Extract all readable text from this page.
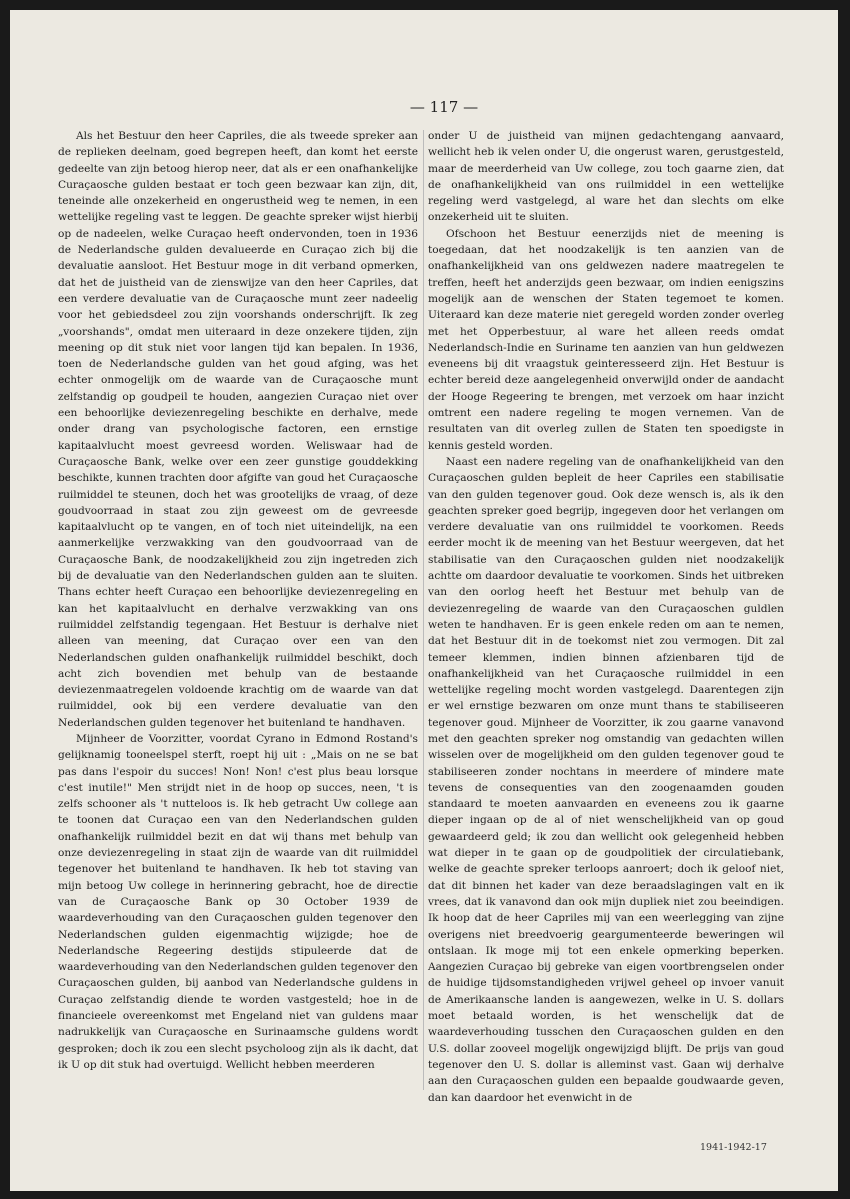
— 117 —

Als het Bestuur den heer Capriles, die als tweede spreker aan de replieken deelnam, goed begrepen heeft, dan komt het eerste gedeelte van zijn betoog hierop neer, dat als er een onafhankelijke Curaçaosche gulden bestaat er toch geen bezwaar kan zijn, dit, teneinde alle onzekerheid en ongerustheid weg te nemen, in een wettelijke regeling vast te leggen. De geachte spreker wijst hierbij op de nadeelen, welke Curaçao heeft ondervonden, toen in 1936 de Nederlandsche gulden devalueerde en Curaçao zich bij die devaluatie aansloot. Het Bestuur moge in dit verband opmerken, dat het de juistheid van de zienswijze van den heer Capriles, dat een verdere devaluatie van de Curaçaosche munt zeer nadeelig voor het gebiedsdeel zou zijn voorshands onderschrijft. Ik zeg „voorshands", omdat men uiteraard in deze onzekere tijden, zijn meening op dit stuk niet voor langen tijd kan bepalen. In 1936, toen de Nederlandsche gulden van het goud afging, was het echter onmogelijk om de waarde van de Curaçaosche munt zelfstandig op goudpeil te houden, aangezien Curaçao niet over een behoorlijke deviezenregeling beschikte en derhalve, mede onder drang van psychologische factoren, een ernstige kapitaalvlucht moest gevreesd worden. Weliswaar had de Curaçaosche Bank, welke over een zeer gunstige gouddekking beschikte, kunnen trachten door afgifte van goud het Curaçaosche ruilmiddel te steunen, doch het was grootelijks de vraag, of deze goudvoorraad in staat zou zijn geweest om de gevreesde kapitaalvlucht op te vangen, en of toch niet uiteindelijk, na een aanmerkelijke verzwakking van den goudvoorraad van de Curaçaosche Bank, de noodzakelijkheid zou zijn ingetreden zich bij de devaluatie van den Nederlandschen gulden aan te sluiten. Thans echter heeft Curaçao een behoorlijke deviezenregeling en kan het kapitaalvlucht en derhalve verzwakking van ons ruilmiddel zelfstandig tegengaan. Het Bestuur is derhalve niet alleen van meening, dat Curaçao over een van den Nederlandschen gulden onafhankelijk ruilmiddel beschikt, doch acht zich bovendien met behulp van de bestaande deviezenmaatregelen voldoende krachtig om de waarde van dat ruilmiddel, ook bij een verdere devaluatie van den Nederlandschen gulden tegenover het buitenland te handhaven.

Mijnheer de Voorzitter, voordat Cyrano in Edmond Rostand's gelijknamig tooneelspel sterft, roept hij uit : „Mais on ne se bat pas dans l'espoir du succes! Non! Non! c'est plus beau lorsque c'est inutile!" Men strijdt niet in de hoop op succes, neen, 't is zelfs schooner als 't nutteloos is. Ik heb getracht Uw college aan te toonen dat Curaçao een van den Nederlandschen gulden onafhankelijk ruilmiddel bezit en dat wij thans met behulp van onze deviezenregeling in staat zijn de waarde van dit ruilmiddel tegenover het buitenland te handhaven. Ik heb tot staving van mijn betoog Uw college in herinnering gebracht, hoe de directie van de Curaçaosche Bank op 30 October 1939 de waardeverhouding van den Curaçaoschen gulden tegenover den Nederlandschen gulden eigenmachtig wijzigde; hoe de Nederlandsche Regeering destijds stipuleerde dat de waardeverhouding van den Nederlandschen gulden tegenover den Curaçaoschen gulden, bij aanbod van Nederlandsche guldens in Curaçao zelfstandig diende te worden vastgesteld; hoe in de financieele overeenkomst met Engeland niet van guldens maar nadrukkelijk van Curaçaosche en Surinaamsche guldens wordt gesproken; doch ik zou een slecht psycholoog zijn als ik dacht, dat ik U op dit stuk had overtuigd. Wellicht hebben meerderen

onder U de juistheid van mijnen gedachtengang aanvaard, wellicht heb ik velen onder U, die ongerust waren, gerustgesteld, maar de meerderheid van Uw college, zou toch gaarne zien, dat de onafhankelijkheid van ons ruilmiddel in een wettelijke regeling werd vastgelegd, al ware het dan slechts om elke onzekerheid uit te sluiten.

Ofschoon het Bestuur eenerzijds niet de meening is toegedaan, dat het noodzakelijk is ten aanzien van de onafhankelijkheid van ons geldwezen nadere maatregelen te treffen, heeft het anderzijds geen bezwaar, om indien eenigszins mogelijk aan de wenschen der Staten tegemoet te komen. Uiteraard kan deze materie niet geregeld worden zonder overleg met het Opperbestuur, al ware het alleen reeds omdat Nederlandsch-Indie en Suriname ten aanzien van hun geldwezen eveneens bij dit vraagstuk geinteresseerd zijn. Het Bestuur is echter bereid deze aangelegenheid onverwijld onder de aandacht der Hooge Regeering te brengen, met verzoek om haar inzicht omtrent een nadere regeling te mogen vernemen. Van de resultaten van dit overleg zullen de Staten ten spoedigste in kennis gesteld worden.

Naast een nadere regeling van de onafhankelijkheid van den Curaçaoschen gulden bepleit de heer Capriles een stabilisatie van den gulden tegenover goud. Ook deze wensch is, als ik den geachten spreker goed begrijp, ingegeven door het verlangen om verdere devaluatie van ons ruilmiddel te voorkomen. Reeds eerder mocht ik de meening van het Bestuur weergeven, dat het stabilisatie van den Curaçaoschen gulden niet noodzakelijk achtte om daardoor devaluatie te voorkomen. Sinds het uitbreken van den oorlog heeft het Bestuur met behulp van de deviezenregeling de waarde van den Curaçaoschen guldlen weten te handhaven. Er is geen enkele reden om aan te nemen, dat het Bestuur dit in de toekomst niet zou vermogen. Dit zal temeer klemmen, indien binnen afzienbaren tijd de onafhankelijkheid van het Curaçaosche ruilmiddel in een wettelijke regeling mocht worden vastgelegd. Daarentegen zijn er wel ernstige bezwaren om onze munt thans te stabiliseeren tegenover goud. Mijnheer de Voorzitter, ik zou gaarne vanavond met den geachten spreker nog omstandig van gedachten willen wisselen over de mogelijkheid om den gulden tegenover goud te stabiliseeren zonder nochtans in meerdere of mindere mate tevens de consequenties van den zoogenaamden gouden standaard te moeten aanvaarden en eveneens zou ik gaarne dieper ingaan op de al of niet wenschelijkheid van op goud gewaardeerd geld; ik zou dan wellicht ook gelegenheid hebben wat dieper in te gaan op de goudpolitiek der circulatiebank, welke de geachte spreker terloops aanroert; doch ik geloof niet, dat dit binnen het kader van deze beraadslagingen valt en ik vrees, dat ik vanavond dan ook mijn dupliek niet zou beeindigen. Ik hoop dat de heer Capriles mij van een weerlegging van zijne overigens niet breedvoerig geargumenteerde beweringen wil ontslaan. Ik moge mij tot een enkele opmerking beperken. Aangezien Curaçao bij gebreke van eigen voortbrengselen onder de huidige tijdsomstandigheden vrijwel geheel op invoer vanuit de Amerikaansche landen is aangewezen, welke in U. S. dollars moet betaald worden, is het wenschelijk dat de waardeverhouding tusschen den Curaçaoschen gulden en den U.S. dollar zooveel mogelijk ongewijzigd blijft. De prijs van goud tegenover den U. S. dollar is alleminst vast. Gaan wij derhalve aan den Curaçaoschen gulden een bepaalde goudwaarde geven, dan kan daardoor het evenwicht in de

1941-1942-17
